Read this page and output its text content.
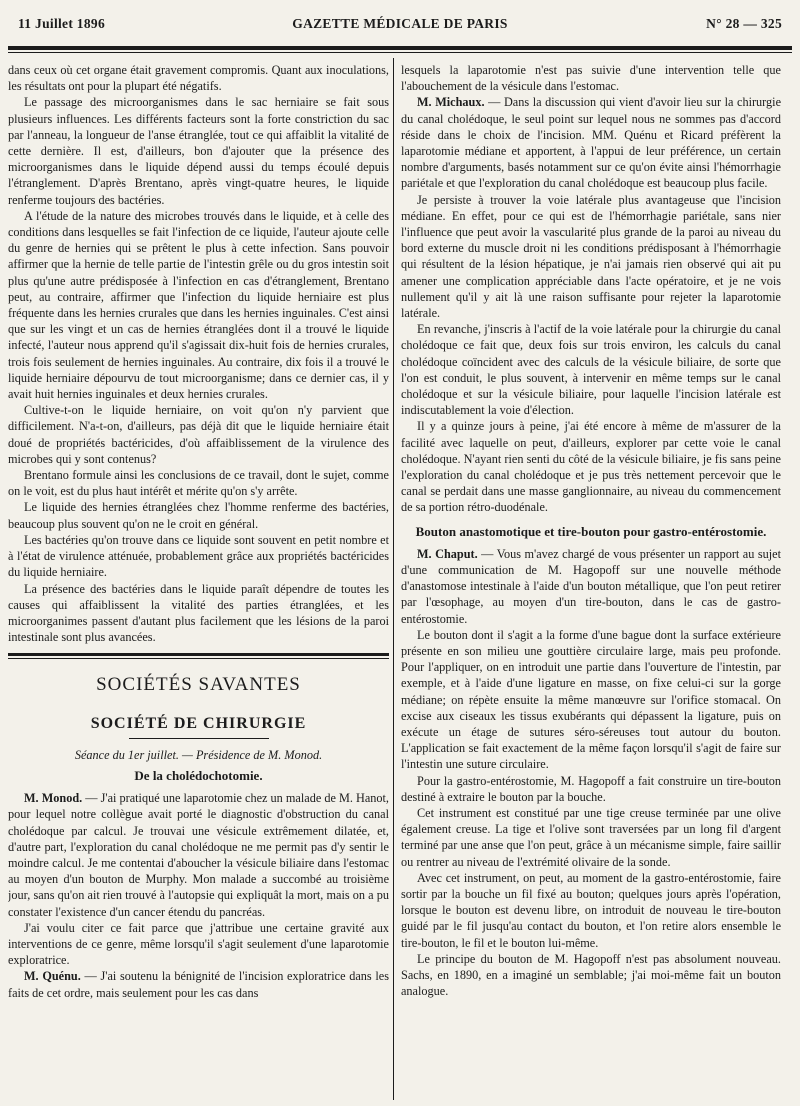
11 Juillet 1896	GAZETTE MÉDICALE DE PARIS	N° 28 — 325

dans ceux où cet organe était gravement compromis. Quant aux inoculations, les résultats ont pour la plupart été négatifs.

Le passage des microorganismes dans le sac herniaire se fait sous plusieurs influences. Les différents facteurs sont la forte constriction du sac par l'anneau, la longueur de l'anse étranglée, tout ce qui affaiblit la vitalité de cette dernière. Il est, d'ailleurs, bon d'ajouter que la présence des microorganismes dans le liquide dépend aussi du temps écoulé depuis l'étranglement. D'après Brentano, après vingt-quatre heures, le liquide renferme toujours des bactéries.

A l'étude de la nature des microbes trouvés dans le liquide, et à celle des conditions dans lesquelles se fait l'infection de ce liquide, l'auteur ajoute celle du genre de hernies qui se prêtent le plus à cette infection. Sans pouvoir affirmer que la hernie de telle partie de l'intestin grêle ou du gros intestin soit plus qu'une autre prédisposée à l'infection en cas d'étranglement, Brentano peut, au contraire, affirmer que l'infection du liquide herniaire est plus fréquente dans les hernies crurales que dans les hernies inguinales. C'est ainsi que sur les vingt et un cas de hernies étranglées dont il a trouvé le liquide infecté, l'auteur nous apprend qu'il s'agissait dix-huit fois de hernies crurales, trois fois seulement de hernies inguinales. Au contraire, dix fois il a trouvé le liquide herniaire dépourvu de tout microorganisme; dans ce dernier cas, il y avait huit hernies inguinales et deux hernies crurales.

Cultive-t-on le liquide herniaire, on voit qu'on n'y parvient que difficilement. N'a-t-on, d'ailleurs, pas déjà dit que le liquide herniaire était doué de propriétés bactéricides, d'où affaiblissement de la virulence des microbes qui y sont contenus?

Brentano formule ainsi les conclusions de ce travail, dont le sujet, comme on le voit, est du plus haut intérêt et mérite qu'on s'y arrête.

Le liquide des hernies étranglées chez l'homme renferme des bactéries, beaucoup plus souvent qu'on ne le croit en général.

Les bactéries qu'on trouve dans ce liquide sont souvent en petit nombre et à l'état de virulence atténuée, probablement grâce aux propriétés bactéricides du liquide herniaire.

La présence des bactéries dans le liquide paraît dépendre de toutes les causes qui affaiblissent la vitalité des parties étranglées, et les microorganimes passent d'autant plus facilement que les lésions de la paroi intestinale sont plus avancées.

SOCIÉTÉS SAVANTES
SOCIÉTÉ DE CHIRURGIE
Séance du 1er juillet. — Présidence de M. Monod.
De la cholédochotomie.

M. Monod. — J'ai pratiqué une laparotomie chez un malade de M. Hanot, pour lequel notre collègue avait porté le diagnostic d'obstruction du canal cholédoque par calcul. Je trouvai une vésicule extrêmement dilatée, et, d'autre part, l'exploration du canal cholédoque ne me permit pas d'y sentir le moindre calcul. Je me contentai d'aboucher la vésicule biliaire dans l'estomac au moyen d'un bouton de Murphy. Mon malade a succombé au troisième jour, sans qu'on ait rien trouvé à l'autopsie qui expliquât la mort, mais on a pu constater l'existence d'un cancer étendu du pancréas.

J'ai voulu citer ce fait parce que j'attribue une certaine gravité aux interventions de ce genre, même lorsqu'il s'agit seulement d'une laparotomie exploratrice.

M. Quénu. — J'ai soutenu la bénignité de l'incision exploratrice dans les faits de cet ordre, mais seulement pour les cas dans

lesquels la laparotomie n'est pas suivie d'une intervention telle que l'abouchement de la vésicule dans l'estomac.

M. Michaux. — Dans la discussion qui vient d'avoir lieu sur la chirurgie du canal cholédoque, le seul point sur lequel nous ne sommes pas d'accord réside dans le choix de l'incision. MM. Quénu et Ricard préfèrent la laparotomie médiane et apportent, à l'appui de leur préférence, un certain nombre d'arguments, basés notamment sur ce qu'on évite ainsi l'hémorrhagie pariétale et que l'exploration du canal cholédoque est beaucoup plus facile.

Je persiste à trouver la voie latérale plus avantageuse que l'incision médiane. En effet, pour ce qui est de l'hémorrhagie pariétale, sans nier l'influence que peut avoir la vascularité plus grande de la paroi au niveau du bord externe du muscle droit ni les conditions prédisposant à l'hémorrhagie qui résultent de la lésion hépatique, je n'ai jamais rien observé qui ait pu amener une complication appréciable dans l'acte opératoire, et je ne vois nullement qu'il y ait là une raison suffisante pour rejeter la laparotomie latérale.

En revanche, j'inscris à l'actif de la voie latérale pour la chirurgie du canal cholédoque ce fait que, deux fois sur trois environ, les calculs du canal cholédoque coïncident avec des calculs de la vésicule biliaire, de sorte que l'on est conduit, le plus souvent, à intervenir en même temps sur le canal cholédoque et sur la vésicule biliaire, pour laquelle l'incision latérale est indiscutablement la voie d'élection.

Il y a quinze jours à peine, j'ai été encore à même de m'assurer de la facilité avec laquelle on peut, d'ailleurs, explorer par cette voie le canal cholédoque. N'ayant rien senti du côté de la vésicule biliaire, je fis sans peine l'exploration du canal cholédoque et je pus très nettement percevoir que le canal se perdait dans une masse ganglionnaire, au niveau du commencement de sa portion rétro-duodénale.

Bouton anastomotique et tire-bouton pour gastro-entérostomie.

M. Chaput. — Vous m'avez chargé de vous présenter un rapport au sujet d'une communication de M. Hagopoff sur une nouvelle méthode d'anastomose intestinale à l'aide d'un bouton métallique, que l'on peut retirer par l'œsophage, au moyen d'un tire-bouton, dans le cas de gastro-entérostomie.

Le bouton dont il s'agit a la forme d'une bague dont la surface extérieure présente en son milieu une gouttière circulaire large, mais peu profonde. Pour l'appliquer, on en introduit une partie dans l'ouverture de l'intestin, par exemple, et à l'aide d'une ligature en masse, on fixe celui-ci sur la gorge médiane; on répète ensuite la même manœuvre sur l'orifice stomacal. On excise aux ciseaux les tissus exubérants qui dépassent la ligature, puis on exécute un étage de sutures séro-séreuses tout autour du bouton. L'application se fait exactement de la même façon lorsqu'il s'agit de faire sur l'intestin une suture circulaire.

Pour la gastro-entérostomie, M. Hagopoff a fait construire un tire-bouton destiné à extraire le bouton par la bouche.

Cet instrument est constitué par une tige creuse terminée par une olive également creuse. La tige et l'olive sont traversées par un long fil d'argent terminé par une anse que l'on peut, grâce à un mécanisme simple, faire saillir ou rentrer au niveau de l'extrémité olivaire de la sonde.

Avec cet instrument, on peut, au moment de la gastro-entérostomie, faire sortir par la bouche un fil fixé au bouton; quelques jours après l'opération, lorsque le bouton est devenu libre, on introduit de nouveau le tire-bouton guidé par le fil jusqu'au contact du bouton, et l'on retire alors ensemble le tire-bouton, le fil et le bouton lui-même.

Le principe du bouton de M. Hagopoff n'est pas absolument nouveau. Sachs, en 1890, en a imaginé un semblable; j'ai moi-même fait un bouton analogue.
